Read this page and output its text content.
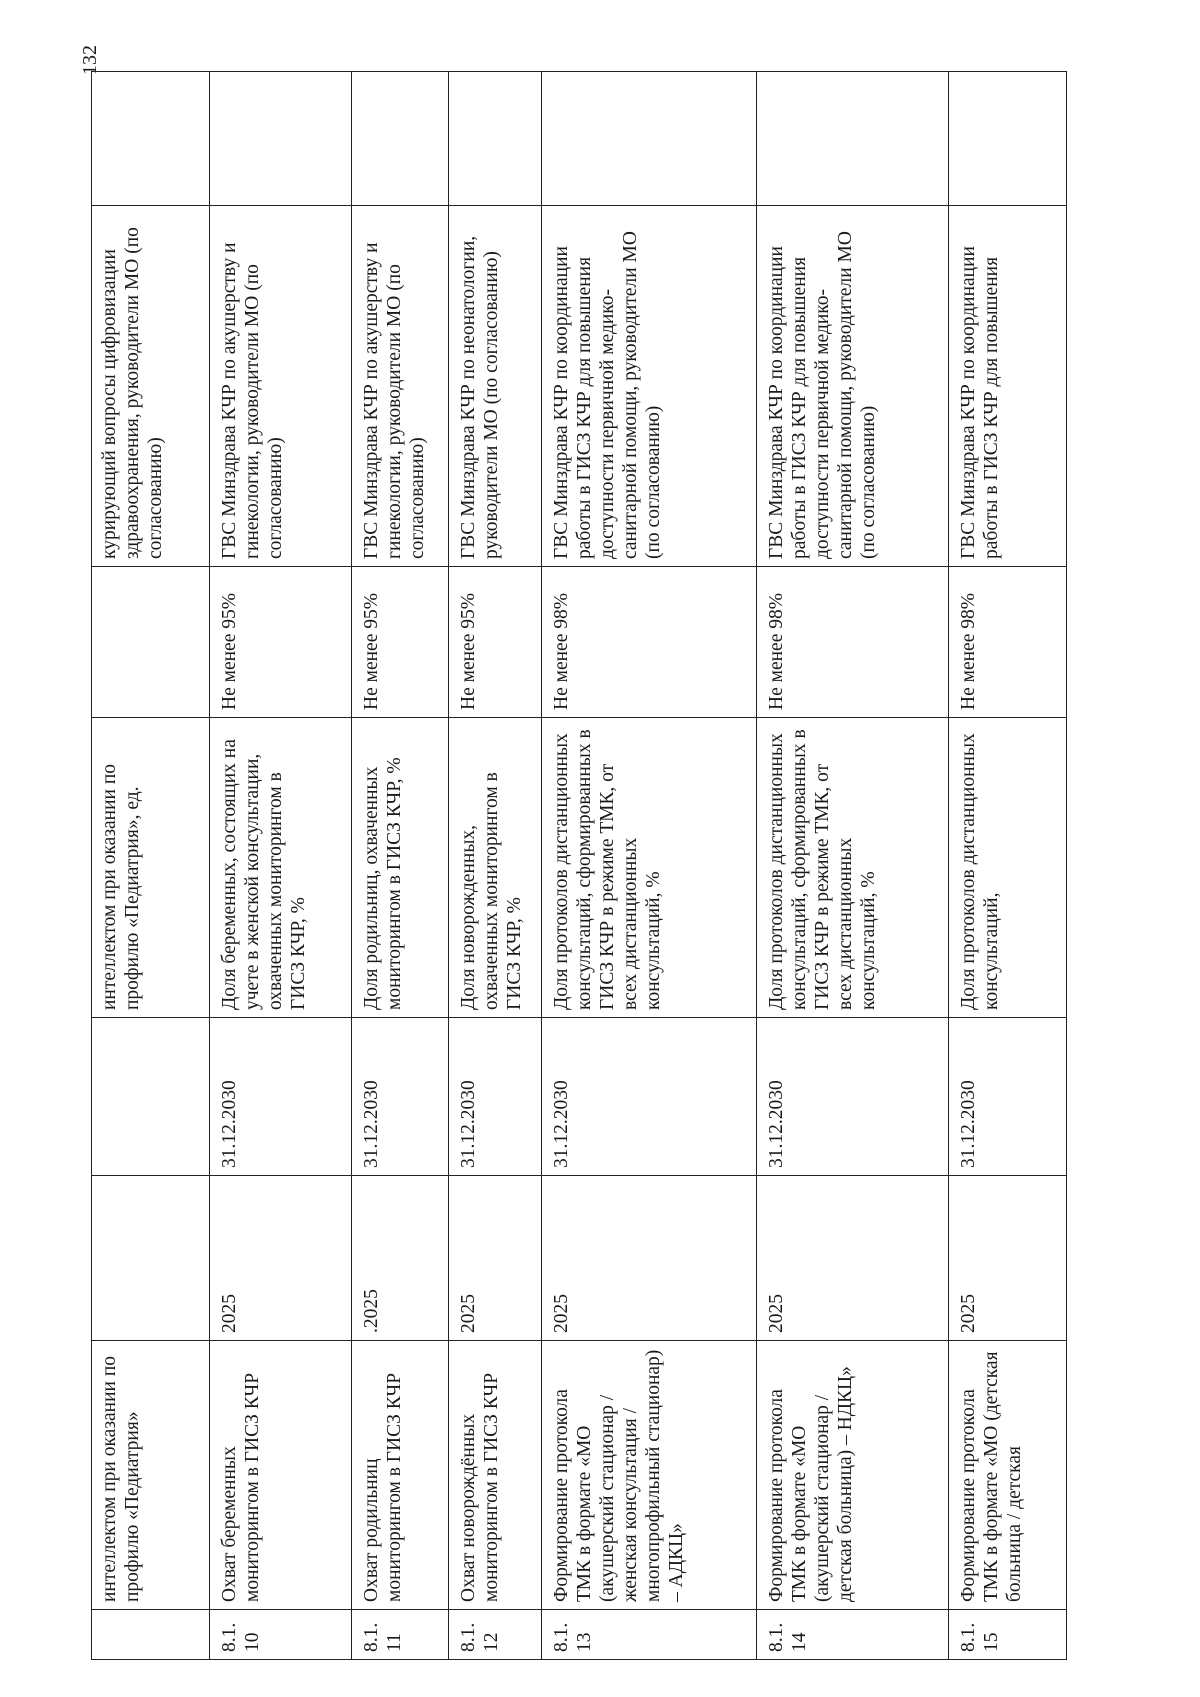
132
	интеллектом при оказании по профилю «Педиатрия»			интеллектом при оказании по профилю «Педиатрия», ед.		курирующий вопросы цифровизации здравоохранения, руководители МО (по согласованию)	
8.1.10	Охват беременных мониторингом в ГИСЗ КЧР	2025	31.12.2030	Доля беременных, состоящих на учете в женской консультации, охваченных мониторингом в ГИСЗ КЧР, %	Не менее 95%	ГВС Минздрава КЧР по акушерству и гинекологии, руководители МО (по согласованию)	
8.1.11	Охват родильниц мониторингом в ГИСЗ КЧР	.2025	31.12.2030	Доля родильниц, охваченных мониторингом в ГИСЗ КЧР, %	Не менее 95%	ГВС Минздрава КЧР по акушерству и гинекологии, руководители МО (по согласованию)	
8.1.12	Охват новорождённых мониторингом в ГИСЗ КЧР	2025	31.12.2030	Доля новорожденных, охваченных мониторингом в ГИСЗ КЧР, %	Не менее 95%	ГВС Минздрава КЧР по неонатологии, руководители МО (по согласованию)	
8.1.13	Формирование протокола ТМК в формате «МО (акушерский стационар / женская консультация / многопрофильный стационар) – АДКЦ»	2025	31.12.2030	Доля протоколов дистанционных консультаций, сформированных в ГИСЗ КЧР в режиме ТМК, от всех дистанционных консультаций, %	Не менее 98%	ГВС Минздрава КЧР по координации работы в ГИСЗ КЧР для повышения доступности первичной медико-санитарной помощи, руководители МО (по согласованию)	
8.1.14	Формирование протокола ТМК в формате «МО (акушерский стационар / детская больница) – НДКЦ»	2025	31.12.2030	Доля протоколов дистанционных консультаций, сформированных в ГИСЗ КЧР в режиме ТМК, от всех дистанционных консультаций, %	Не менее 98%	ГВС Минздрава КЧР по координации работы в ГИСЗ КЧР для повышения доступности первичной медико-санитарной помощи, руководители МО (по согласованию)	
8.1.15	Формирование протокола ТМК в формате «МО (детская больница / детская	2025	31.12.2030	Доля протоколов дистанционных консультаций,	Не менее 98%	ГВС Минздрава КЧР по координации работы в ГИСЗ КЧР для повышения	
